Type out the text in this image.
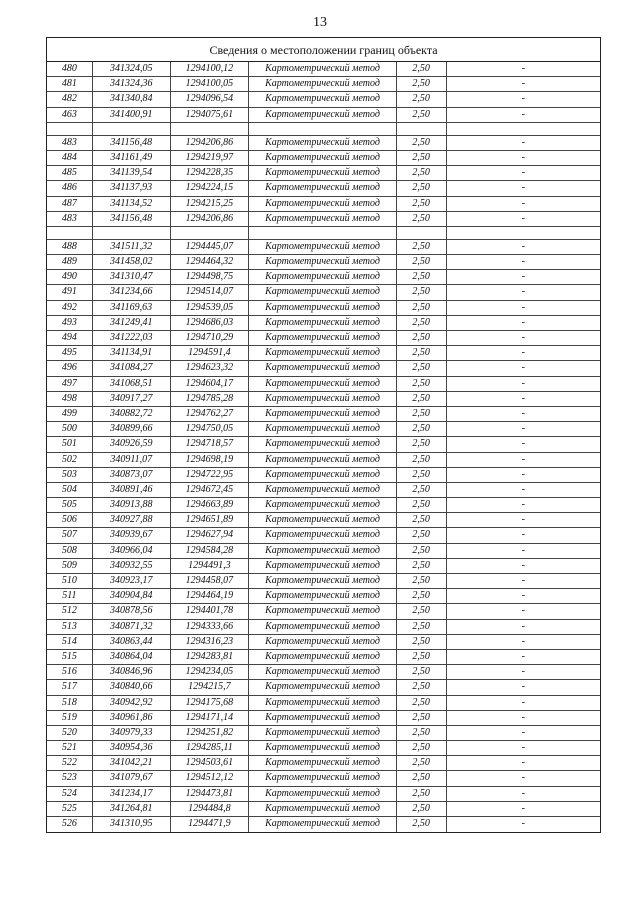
13
Сведения о местоположении границ объекта
480	341324,05	1294100,12	Картометрический метод	2,50	-
481	341324,36	1294100,05	Картометрический метод	2,50	-
482	341340,84	1294096,54	Картометрический метод	2,50	-
463	341400,91	1294075,61	Картометрический метод	2,50	-
483	341156,48	1294206,86	Картометрический метод	2,50	-
484	341161,49	1294219,97	Картометрический метод	2,50	-
485	341139,54	1294228,35	Картометрический метод	2,50	-
486	341137,93	1294224,15	Картометрический метод	2,50	-
487	341134,52	1294215,25	Картометрический метод	2,50	-
483	341156,48	1294206,86	Картометрический метод	2,50	-
488	341511,32	1294445,07	Картометрический метод	2,50	-
489	341458,02	1294464,32	Картометрический метод	2,50	-
490	341310,47	1294498,75	Картометрический метод	2,50	-
491	341234,66	1294514,07	Картометрический метод	2,50	-
492	341169,63	1294539,05	Картометрический метод	2,50	-
493	341249,41	1294686,03	Картометрический метод	2,50	-
494	341222,03	1294710,29	Картометрический метод	2,50	-
495	341134,91	1294591,4	Картометрический метод	2,50	-
496	341084,27	1294623,32	Картометрический метод	2,50	-
497	341068,51	1294604,17	Картометрический метод	2,50	-
498	340917,27	1294785,28	Картометрический метод	2,50	-
499	340882,72	1294762,27	Картометрический метод	2,50	-
500	340899,66	1294750,05	Картометрический метод	2,50	-
501	340926,59	1294718,57	Картометрический метод	2,50	-
502	340911,07	1294698,19	Картометрический метод	2,50	-
503	340873,07	1294722,95	Картометрический метод	2,50	-
504	340891,46	1294672,45	Картометрический метод	2,50	-
505	340913,88	1294663,89	Картометрический метод	2,50	-
506	340927,88	1294651,89	Картометрический метод	2,50	-
507	340939,67	1294627,94	Картометрический метод	2,50	-
508	340966,04	1294584,28	Картометрический метод	2,50	-
509	340932,55	1294491,3	Картометрический метод	2,50	-
510	340923,17	1294458,07	Картометрический метод	2,50	-
511	340904,84	1294464,19	Картометрический метод	2,50	-
512	340878,56	1294401,78	Картометрический метод	2,50	-
513	340871,32	1294333,66	Картометрический метод	2,50	-
514	340863,44	1294316,23	Картометрический метод	2,50	-
515	340864,04	1294283,81	Картометрический метод	2,50	-
516	340846,96	1294234,05	Картометрический метод	2,50	-
517	340840,66	1294215,7	Картометрический метод	2,50	-
518	340942,92	1294175,68	Картометрический метод	2,50	-
519	340961,86	1294171,14	Картометрический метод	2,50	-
520	340979,33	1294251,82	Картометрический метод	2,50	-
521	340954,36	1294285,11	Картометрический метод	2,50	-
522	341042,21	1294503,61	Картометрический метод	2,50	-
523	341079,67	1294512,12	Картометрический метод	2,50	-
524	341234,17	1294473,81	Картометрический метод	2,50	-
525	341264,81	1294484,8	Картометрический метод	2,50	-
526	341310,95	1294471,9	Картометрический метод	2,50	-
